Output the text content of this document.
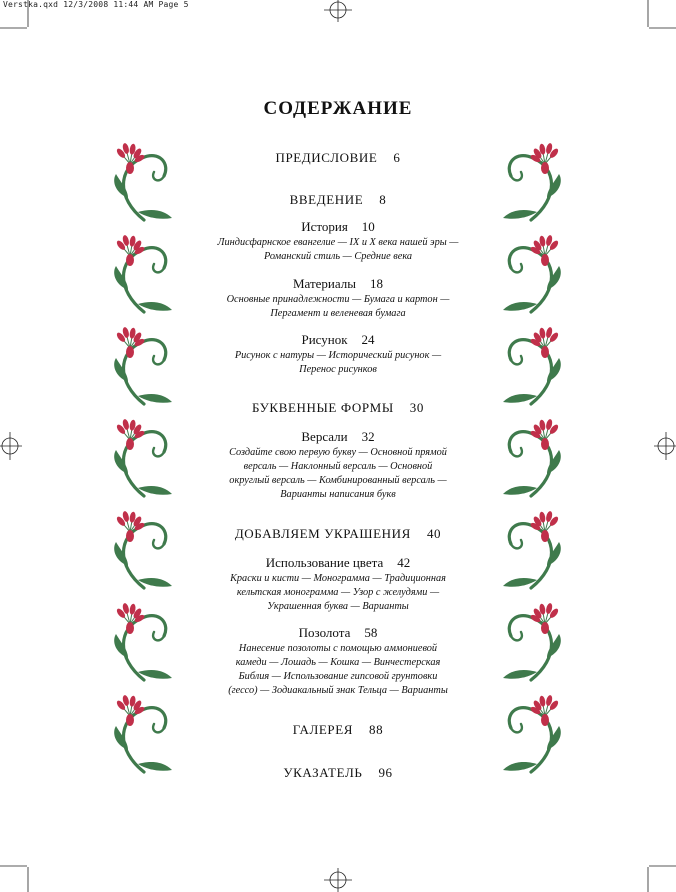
Verstka.qxd 12/3/2008 11:44 AM Page 5
СОДЕРЖАНИЕ
ПРЕДИСЛОВИЕ 6
ВВЕДЕНИЕ 8
История 10
Линдисфарнское евангелие — IX и X века нашей эры —
Романский стиль — Средние века
Материалы 18
Основные принадлежности — Бумага и картон —
Пергамент и веленевая бумага
Рисунок 24
Рисунок с натуры — Исторический рисунок —
Перенос рисунков
БУКВЕННЫЕ ФОРМЫ 30
Версали 32
Создайте свою первую букву — Основной прямой
версаль — Наклонный версаль — Основной
округлый версаль — Комбинированный версаль —
Варианты написания букв
ДОБАВЛЯЕМ УКРАШЕНИЯ 40
Использование цвета 42
Краски и кисти — Монограмма — Традиционная
кельтская монограмма — Узор с желудями —
Украшенная буква — Варианты
Позолота 58
Нанесение позолоты с помощью аммониевой
камеди — Лошадь — Кошка — Винчестерская
Библия — Использование гипсовой грунтовки
(гессо) — Зодиакальный знак Тельца — Варианты
ГАЛЕРЕЯ 88
УКАЗАТЕЛЬ 96
